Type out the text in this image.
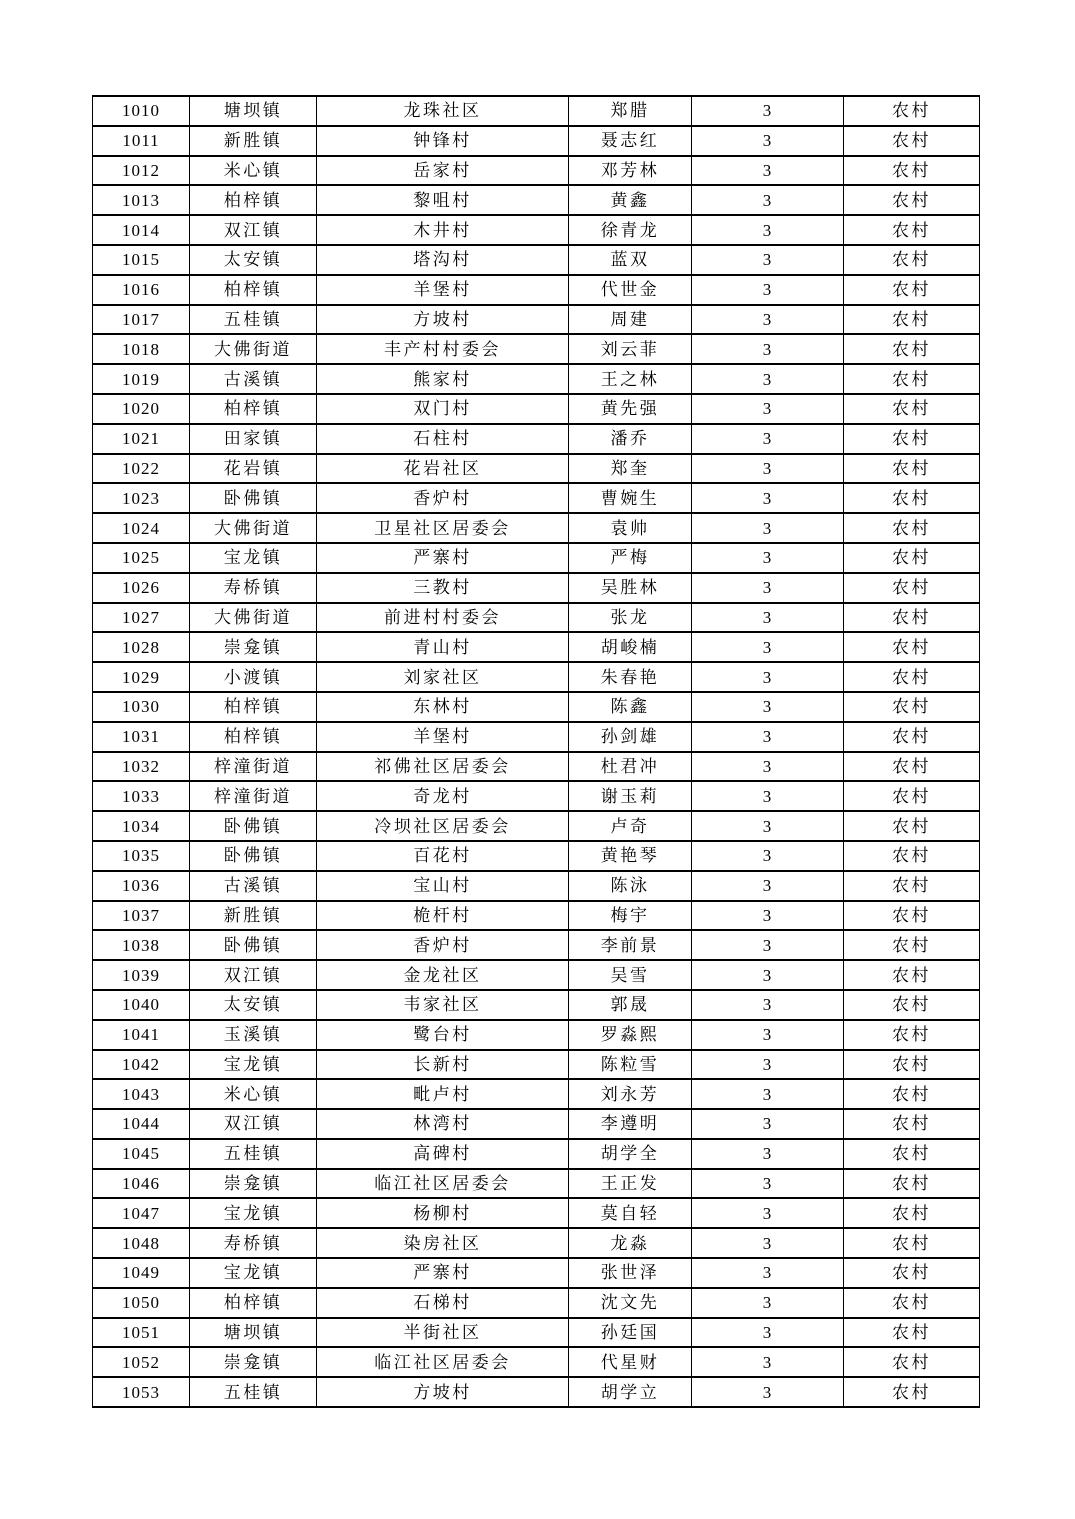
1010	塘坝镇	龙珠社区	郑腊	3	农村
1011	新胜镇	钟锋村	聂志红	3	农村
1012	米心镇	岳家村	邓芳林	3	农村
1013	柏梓镇	黎咀村	黄鑫	3	农村
1014	双江镇	木井村	徐青龙	3	农村
1015	太安镇	塔沟村	蓝双	3	农村
1016	柏梓镇	羊堡村	代世金	3	农村
1017	五桂镇	方坡村	周建	3	农村
1018	大佛街道	丰产村村委会	刘云菲	3	农村
1019	古溪镇	熊家村	王之林	3	农村
1020	柏梓镇	双门村	黄先强	3	农村
1021	田家镇	石柱村	潘乔	3	农村
1022	花岩镇	花岩社区	郑奎	3	农村
1023	卧佛镇	香炉村	曹婉生	3	农村
1024	大佛街道	卫星社区居委会	袁帅	3	农村
1025	宝龙镇	严寨村	严梅	3	农村
1026	寿桥镇	三教村	吴胜林	3	农村
1027	大佛街道	前进村村委会	张龙	3	农村
1028	崇龛镇	青山村	胡峻楠	3	农村
1029	小渡镇	刘家社区	朱春艳	3	农村
1030	柏梓镇	东林村	陈鑫	3	农村
1031	柏梓镇	羊堡村	孙剑雄	3	农村
1032	梓潼街道	祁佛社区居委会	杜君冲	3	农村
1033	梓潼街道	奇龙村	谢玉莉	3	农村
1034	卧佛镇	冷坝社区居委会	卢奇	3	农村
1035	卧佛镇	百花村	黄艳琴	3	农村
1036	古溪镇	宝山村	陈泳	3	农村
1037	新胜镇	桅杆村	梅宇	3	农村
1038	卧佛镇	香炉村	李前景	3	农村
1039	双江镇	金龙社区	吴雪	3	农村
1040	太安镇	韦家社区	郭晟	3	农村
1041	玉溪镇	鹭台村	罗淼熙	3	农村
1042	宝龙镇	长新村	陈粒雪	3	农村
1043	米心镇	毗卢村	刘永芳	3	农村
1044	双江镇	林湾村	李遵明	3	农村
1045	五桂镇	高碑村	胡学全	3	农村
1046	崇龛镇	临江社区居委会	王正发	3	农村
1047	宝龙镇	杨柳村	莫自轻	3	农村
1048	寿桥镇	染房社区	龙淼	3	农村
1049	宝龙镇	严寨村	张世泽	3	农村
1050	柏梓镇	石梯村	沈文先	3	农村
1051	塘坝镇	半街社区	孙廷国	3	农村
1052	崇龛镇	临江社区居委会	代星财	3	农村
1053	五桂镇	方坡村	胡学立	3	农村
